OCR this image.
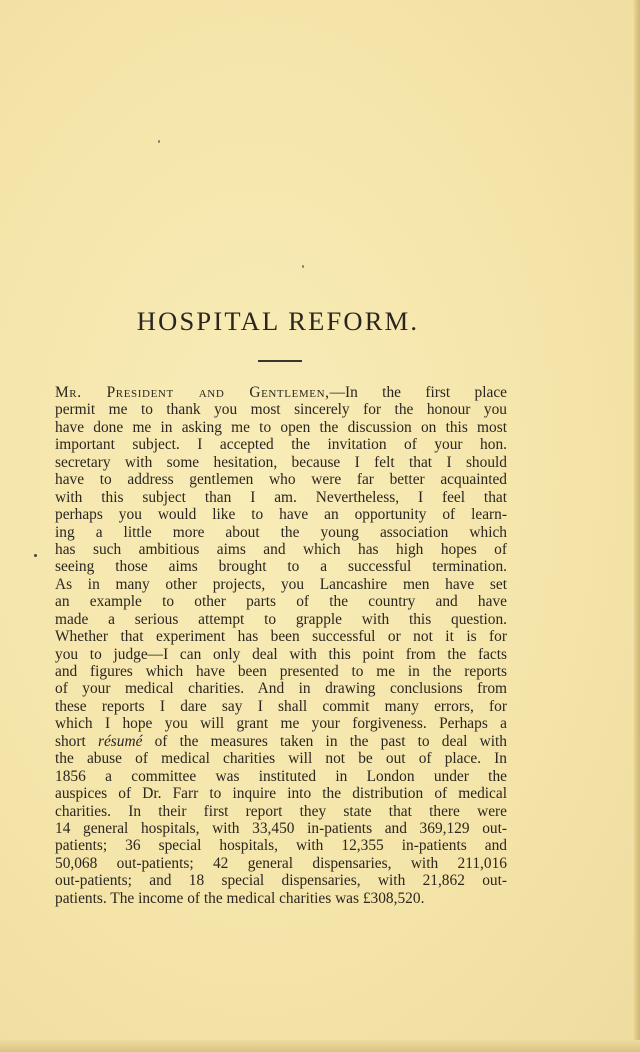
HOSPITAL REFORM.
Mr. President and Gentlemen,—In the first place
permit me to thank you most sincerely for the honour you
have done me in asking me to open the discussion on this most
important subject. I accepted the invitation of your hon.
secretary with some hesitation, because I felt that I should
have to address gentlemen who were far better acquainted
with this subject than I am. Nevertheless, I feel that
perhaps you would like to have an opportunity of learn-
ing a little more about the young association which
has such ambitious aims and which has high hopes of
seeing those aims brought to a successful termination.
As in many other projects, you Lancashire men have set
an example to other parts of the country and have
made a serious attempt to grapple with this question.
Whether that experiment has been successful or not it is for
you to judge—I can only deal with this point from the facts
and figures which have been presented to me in the reports
of your medical charities. And in drawing conclusions from
these reports I dare say I shall commit many errors, for
which I hope you will grant me your forgiveness. Perhaps a
short résumé of the measures taken in the past to deal with
the abuse of medical charities will not be out of place. In
1856 a committee was instituted in London under the
auspices of Dr. Farr to inquire into the distribution of medical
charities. In their first report they state that there were
14 general hospitals, with 33,450 in-patients and 369,129 out-
patients; 36 special hospitals, with 12,355 in-patients and
50,068 out-patients; 42 general dispensaries, with 211,016
out-patients; and 18 special dispensaries, with 21,862 out-
patients. The income of the medical charities was £308,520.
